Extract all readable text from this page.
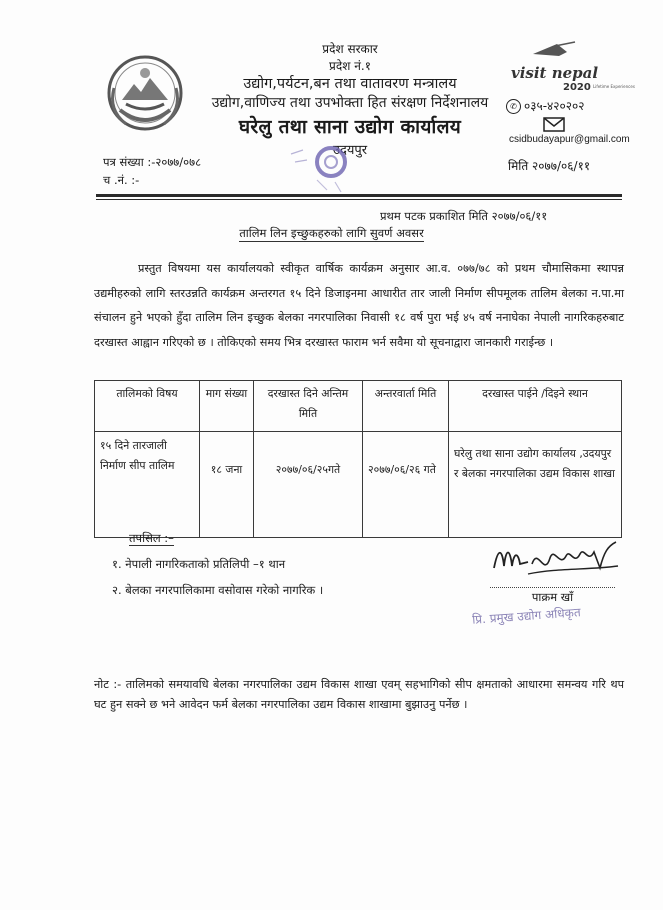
प्रदेश सरकार
प्रदेश नं.१
उद्योग,पर्यटन,बन तथा वातावरण मन्त्रालय
उद्योग,वाणिज्य तथा उपभोक्ता हित संरक्षण निर्देशनालय
घरेलु तथा साना उद्योग कार्यालय
उदयपुर
visit nepal
2020 Lifetime Experiences
✆ ०३५-४२०२०२
csidbudayapur@gmail.com
पत्र संख्या :-२०७७/०७८
च .नं. :-
मिति २०७७/०६/११
प्रथम पटक प्रकाशित मिति २०७७/०६/११
तालिम लिन इच्छुकहरुको लागि सुवर्ण अवसर
प्रस्तुत विषयमा यस कार्यालयको स्वीकृत वार्षिक कार्यक्रम अनुसार आ.व. ०७७/७८ को प्रथम चौमासिकमा स्थापन्न उद्यमीहरुको लागि स्तरउन्नति कार्यक्रम अन्तरगत १५ दिने डिजाइनमा आधारीत तार जाली निर्माण सीपमूलक तालिम बेलका न.पा.मा संचालन हुने भएको हुँदा तालिम लिन इच्छुक बेलका नगरपालिका निवासी १८ वर्ष पुरा भई ४५ वर्ष ननाघेका नेपाली नागरिकहरुबाट दरखास्त आह्वान गरिएको छ । तोकिएको समय भित्र दरखास्त फाराम भर्न सवैमा यो सूचनाद्वारा जानकारी गराईन्छ ।
तालिमको विषय	माग संख्या	दरखास्त दिने अन्तिम मिति	अन्तरवार्ता मिति	दरखास्त पाईने /दिइने स्थान
१५ दिने तारजाली निर्माण सीप तालिम	१८ जना	२०७७/०६/२५गते	२०७७/०६/२६ गते	घरेलु तथा साना उद्योग कार्यालय ,उदयपुर र बेलका नगरपालिका उद्यम विकास शाखा
तपसिल :–
१. नेपाली नागरिकताको प्रतिलिपी –१ थान
२. बेलका नगरपालिकामा वसोवास गरेको नागरिक ।	पाक्रम खाँ
प्रि. प्रमुख उद्योग अधिकृत
नोट :- तालिमको समयावधि बेलका नगरपालिका उद्यम विकास शाखा एवम् सहभागिको सीप क्षमताको आधारमा समन्वय गरि थप घट हुन सक्ने छ भने आवेदन फर्म बेलका नगरपालिका उद्यम विकास शाखामा बुझाउनु पर्नेछ ।
